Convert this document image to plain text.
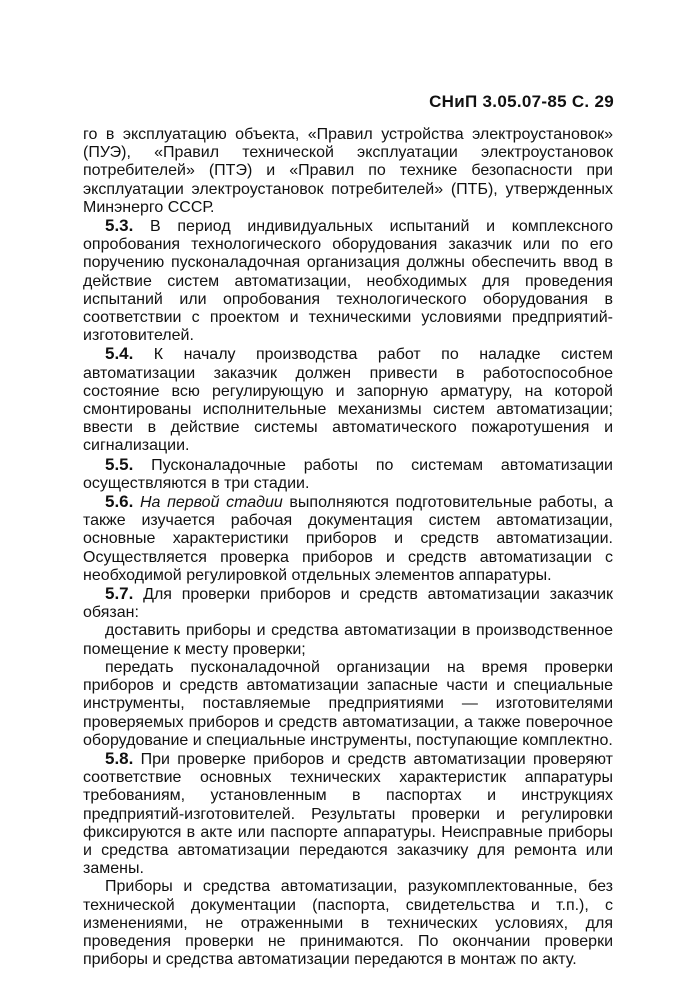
СНиП 3.05.07-85 С. 29

го в эксплуатацию объекта, «Правил устройства электроустановок» (ПУЭ), «Правил технической эксплуатации электроустановок потребителей» (ПТЭ) и «Правил по технике безопасности при эксплуатации электроустановок потребителей» (ПТБ), утвержденных Минэнерго СССР.

5.3. В период индивидуальных испытаний и комплексного опробования технологического оборудования заказчик или по его поручению пусконаладочная организация должны обеспечить ввод в действие систем автоматизации, необходимых для проведения испытаний или опробования технологического оборудования в соответствии с проектом и техническими условиями предприятий-изготовителей.

5.4. К началу производства работ по наладке систем автоматизации заказчик должен привести в работоспособное состояние всю регулирующую и запорную арматуру, на которой смонтированы исполнительные механизмы систем автоматизации; ввести в действие системы автоматического пожаротушения и сигнализации.

5.5. Пусконаладочные работы по системам автоматизации осуществляются в три стадии.

5.6. На первой стадии выполняются подготовительные работы, а также изучается рабочая документация систем автоматизации, основные характеристики приборов и средств автоматизации. Осуществляется проверка приборов и средств автоматизации с необходимой регулировкой отдельных элементов аппаратуры.

5.7. Для проверки приборов и средств автоматизации заказчик обязан:

доставить приборы и средства автоматизации в производственное помещение к месту проверки;

передать пусконаладочной организации на время проверки приборов и средств автоматизации запасные части и специальные инструменты, поставляемые предприятиями — изготовителями проверяемых приборов и средств автоматизации, а также поверочное оборудование и специальные инструменты, поступающие комплектно.

5.8. При проверке приборов и средств автоматизации проверяют соответствие основных технических характеристик аппаратуры требованиям, установленным в паспортах и инструкциях предприятий-изготовителей. Результаты проверки и регулировки фиксируются в акте или паспорте аппаратуры. Неисправные приборы и средства автоматизации передаются заказчику для ремонта или замены.

Приборы и средства автоматизации, разукомплектованные, без технической документации (паспорта, свидетельства и т.п.), с изменениями, не отраженными в технических условиях, для проведения проверки не принимаются. По окончании проверки приборы и средства автоматизации передаются в монтаж по акту.
